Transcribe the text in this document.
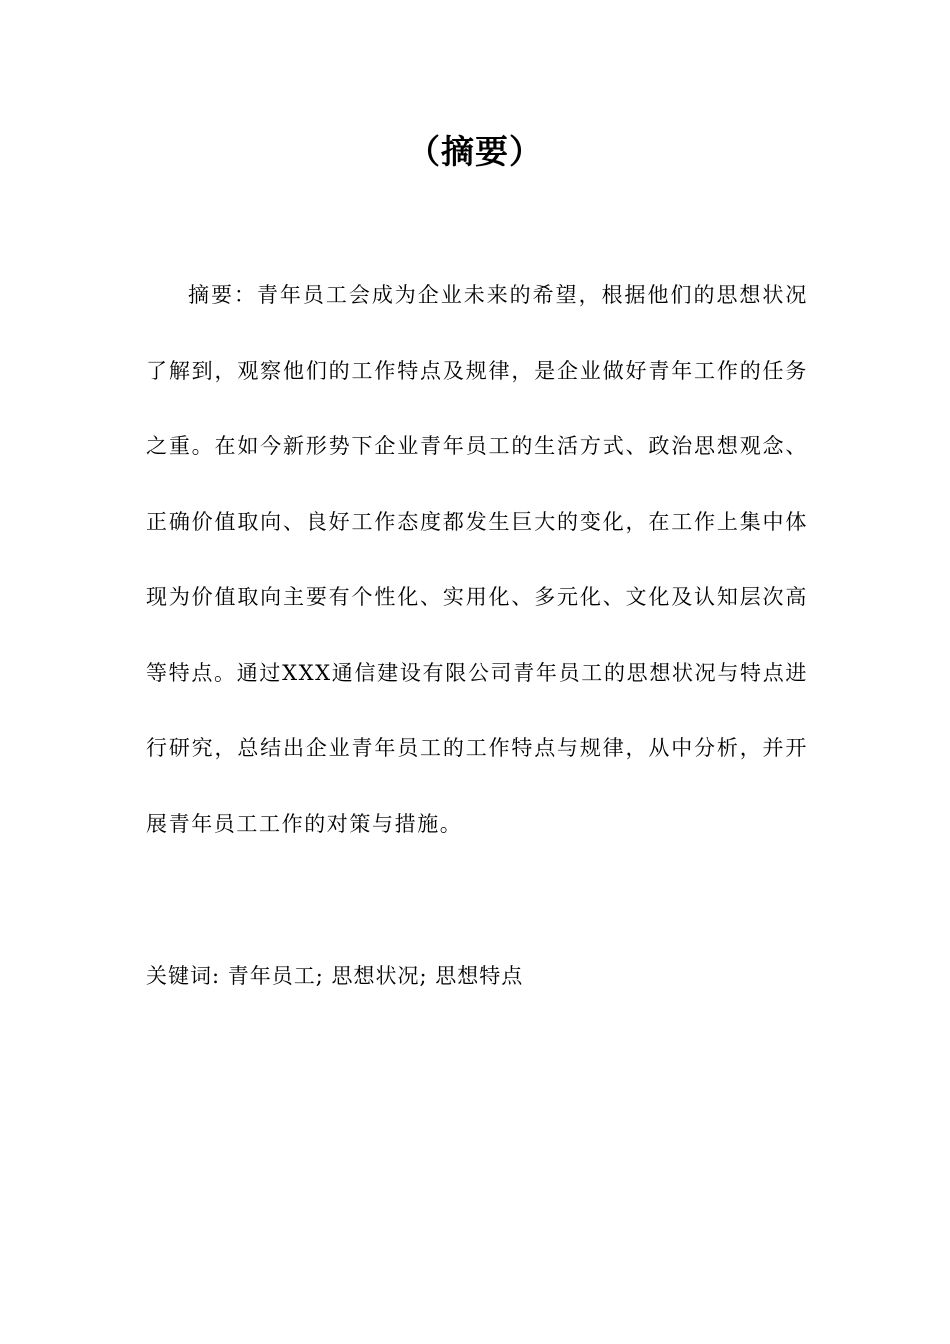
（摘要）

摘要：青年员工会成为企业未来的希望，根据他们的思想状况了解到，观察他们的工作特点及规律，是企业做好青年工作的任务之重。在如今新形势下企业青年员工的生活方式、政治思想观念、正确价值取向、良好工作态度都发生巨大的变化，在工作上集中体现为价值取向主要有个性化、实用化、多元化、文化及认知层次高等特点。通过XXX通信建设有限公司青年员工的思想状况与特点进行研究，总结出企业青年员工的工作特点与规律，从中分析，并开展青年员工工作的对策与措施。

关键词: 青年员工; 思想状况; 思想特点
